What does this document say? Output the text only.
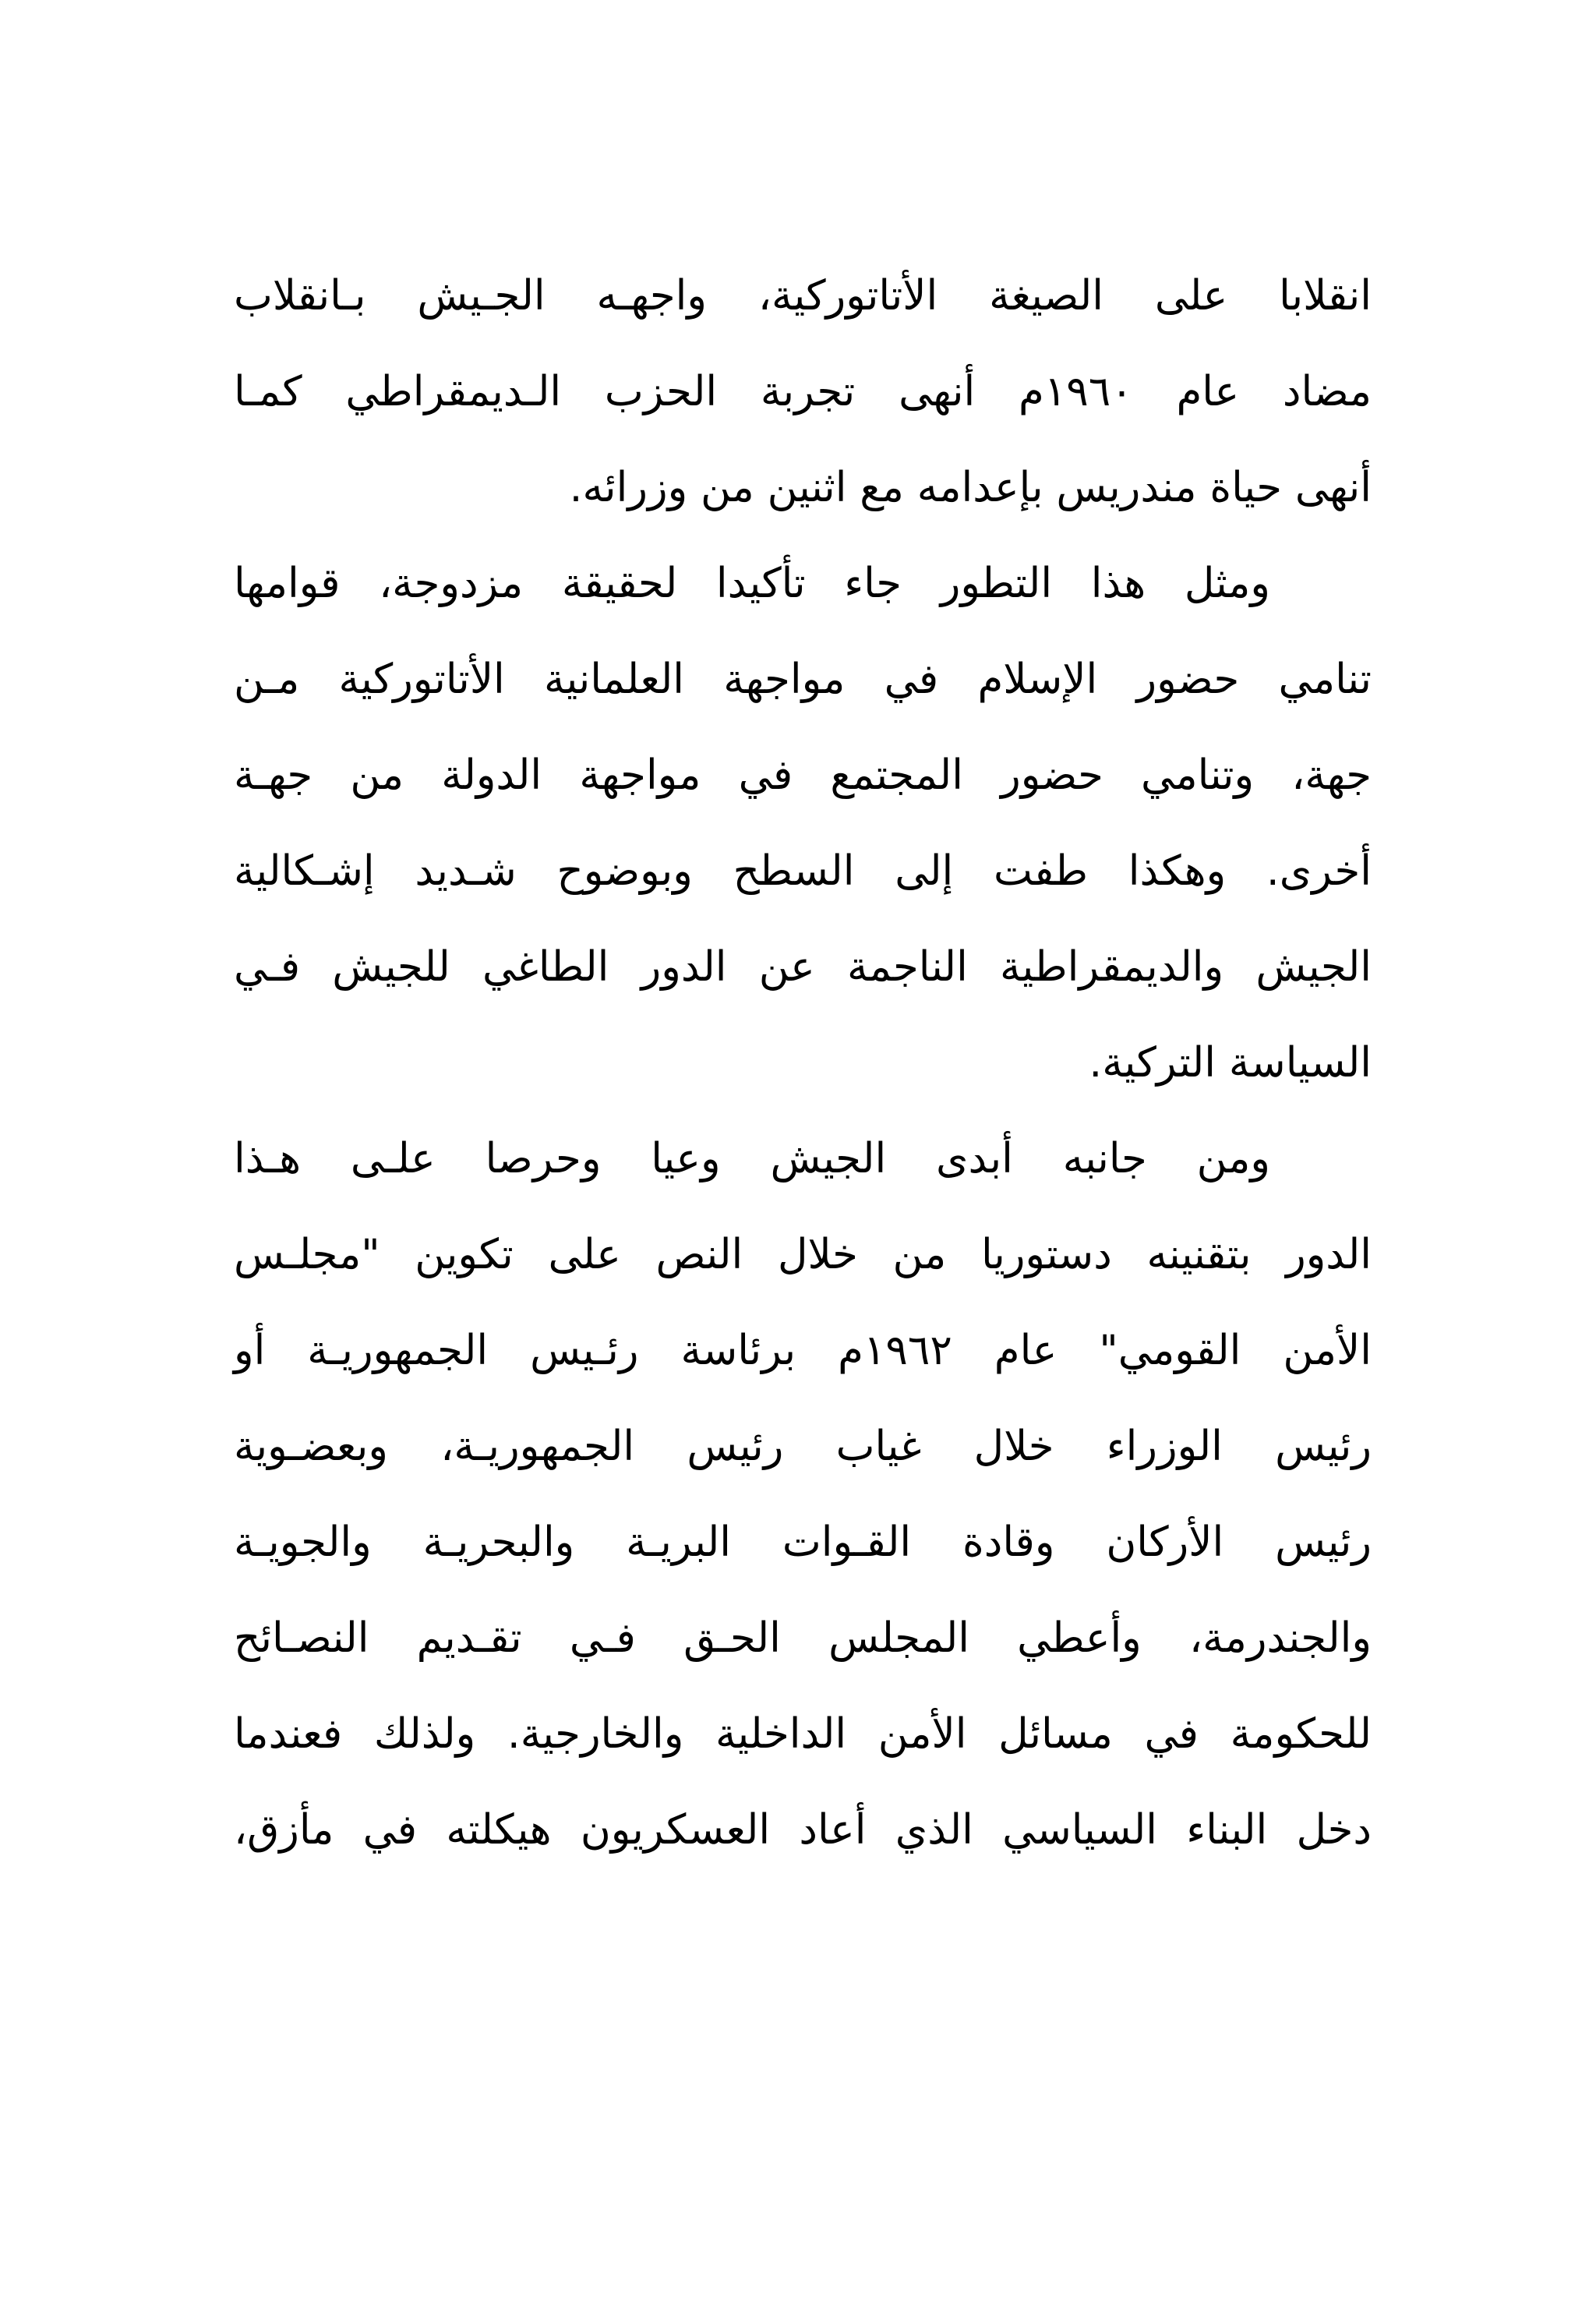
انقلابا على الصيغة الأتاتوركية، واجهـه الجـيش بـانقلاب
مضاد عام ١٩٦٠م أنهى تجربة الحزب الـديمقراطي كمـا
أنهى حياة مندريس بإعدامه مع اثنين من وزرائه.
ومثل هذا التطور جاء تأكيدا لحقيقة مزدوجة، قوامها
تنامي حضور الإسلام في مواجهة العلمانية الأتاتوركية مـن
جهة، وتنامي حضور المجتمع في مواجهة الدولة من جهـة
أخرى. وهكذا طفت إلى السطح وبوضوح شـديد إشـكالية
الجيش والديمقراطية الناجمة عن الدور الطاغي للجيش فـي
السياسة التركية.
ومن جانبه أبدى الجيش وعيا وحرصا علـى هـذا
الدور بتقنينه دستوريا من خلال النص على تكوين "مجلـس
الأمن القومي" عام ١٩٦٢م برئاسة رئـيس الجمهوريـة أو
رئيس الوزراء خلال غياب رئيس الجمهوريـة، وبعضـوية
رئيس الأركان وقادة القـوات البريـة والبحريـة والجويـة
والجندرمة، وأعطي المجلس الحـق فـي تقـديم النصـائح
للحكومة في مسائل الأمن الداخلية والخارجية. ولذلك فعندما
دخل البناء السياسي الذي أعاد العسكريون هيكلته في مأزق،
